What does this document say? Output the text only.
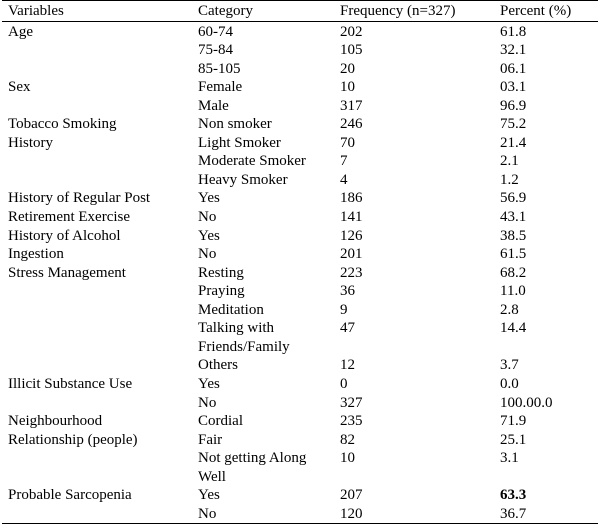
Variables	Category	Frequency (n=327)	Percent (%)
Age	60-74	202	61.8
75-84	105	32.1
85-105	20	06.1
Sex	Female	10	03.1
Male	317	96.9
Tobacco Smoking	Non smoker	246	75.2
History	Light Smoker	70	21.4
Moderate Smoker 7	2.1
Heavy Smoker	4	1.2
History of Regular Post	Yes	186	56.9
Retirement Exercise	No	141	43.1
History of Alcohol	Yes	126	38.5
Ingestion	No	201	61.5
Stress Management	Resting	223	68.2
Praying	36	11.0
Meditation	9	2.8
Talking with	47	14.4
Friends/Family
Others	12	3.7
Illicit Substance Use	Yes	0	0.0
No	327	100.00.0
Neighbourhood	Cordial	235	71.9
Relationship (people)	Fair	82	25.1
Not getting Along 10	3.1
Well
Probable Sarcopenia	Yes	207	63.3
No	120	36.7
